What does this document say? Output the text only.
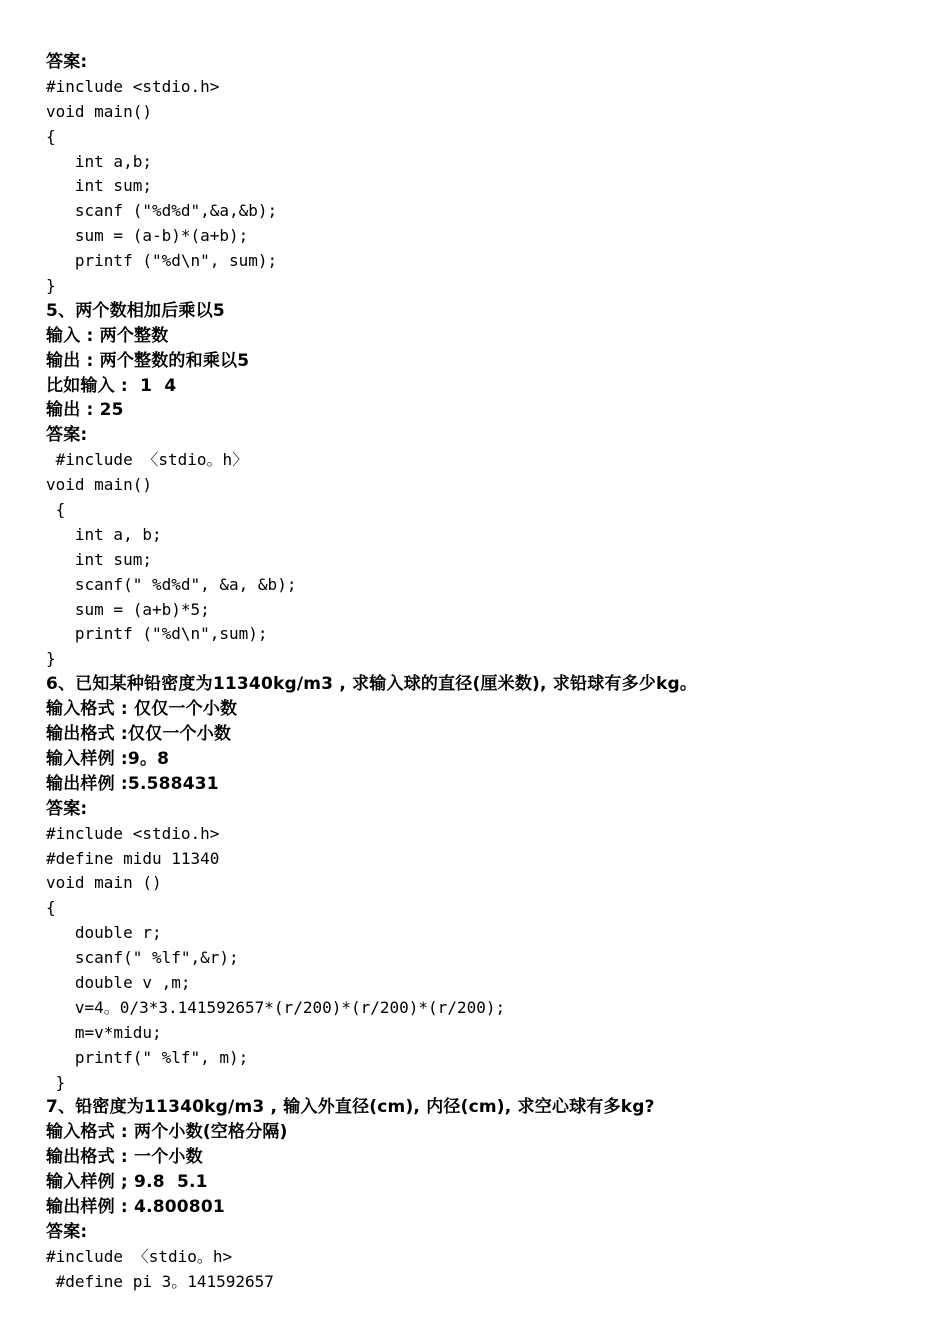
答案:
#include <stdio.h>
void main()
{
int a,b;
int sum;
scanf ("%d%d",&a,&b);
sum = (a-b)*(a+b);
printf ("%d\n", sum);
}
5、两个数相加后乘以5
输入 : 两个整数
输出 : 两个整数的和乘以5
比如输入 :  1  4
输出 : 25
答案:
#include 〈stdio。h〉
void main()
{
int a, b;
int sum;
scanf(" %d%d", &a, &b);
sum = (a+b)*5;
printf ("%d\n",sum);
}
6、已知某种铅密度为11340kg/m3 , 求输入球的直径(厘米数), 求铅球有多少kg。
输入格式 : 仅仅一个小数
输出格式 :仅仅一个小数
输入样例 :9。8
输出样例 :5.588431
答案:
#include <stdio.h>
#define midu 11340
void main ()
{
double r;
scanf(" %lf",&r);
double v ,m;
v=4。0/3*3.141592657*(r/200)*(r/200)*(r/200);
m=v*midu;
printf(" %lf", m);
}
7、铅密度为11340kg/m3 , 输入外直径(cm), 内径(cm), 求空心球有多kg?
输入格式 : 两个小数(空格分隔)
输出格式 : 一个小数
输入样例 ; 9.8  5.1
输出样例 : 4.800801
答案:
#include 〈stdio。h>
#define pi 3。141592657
